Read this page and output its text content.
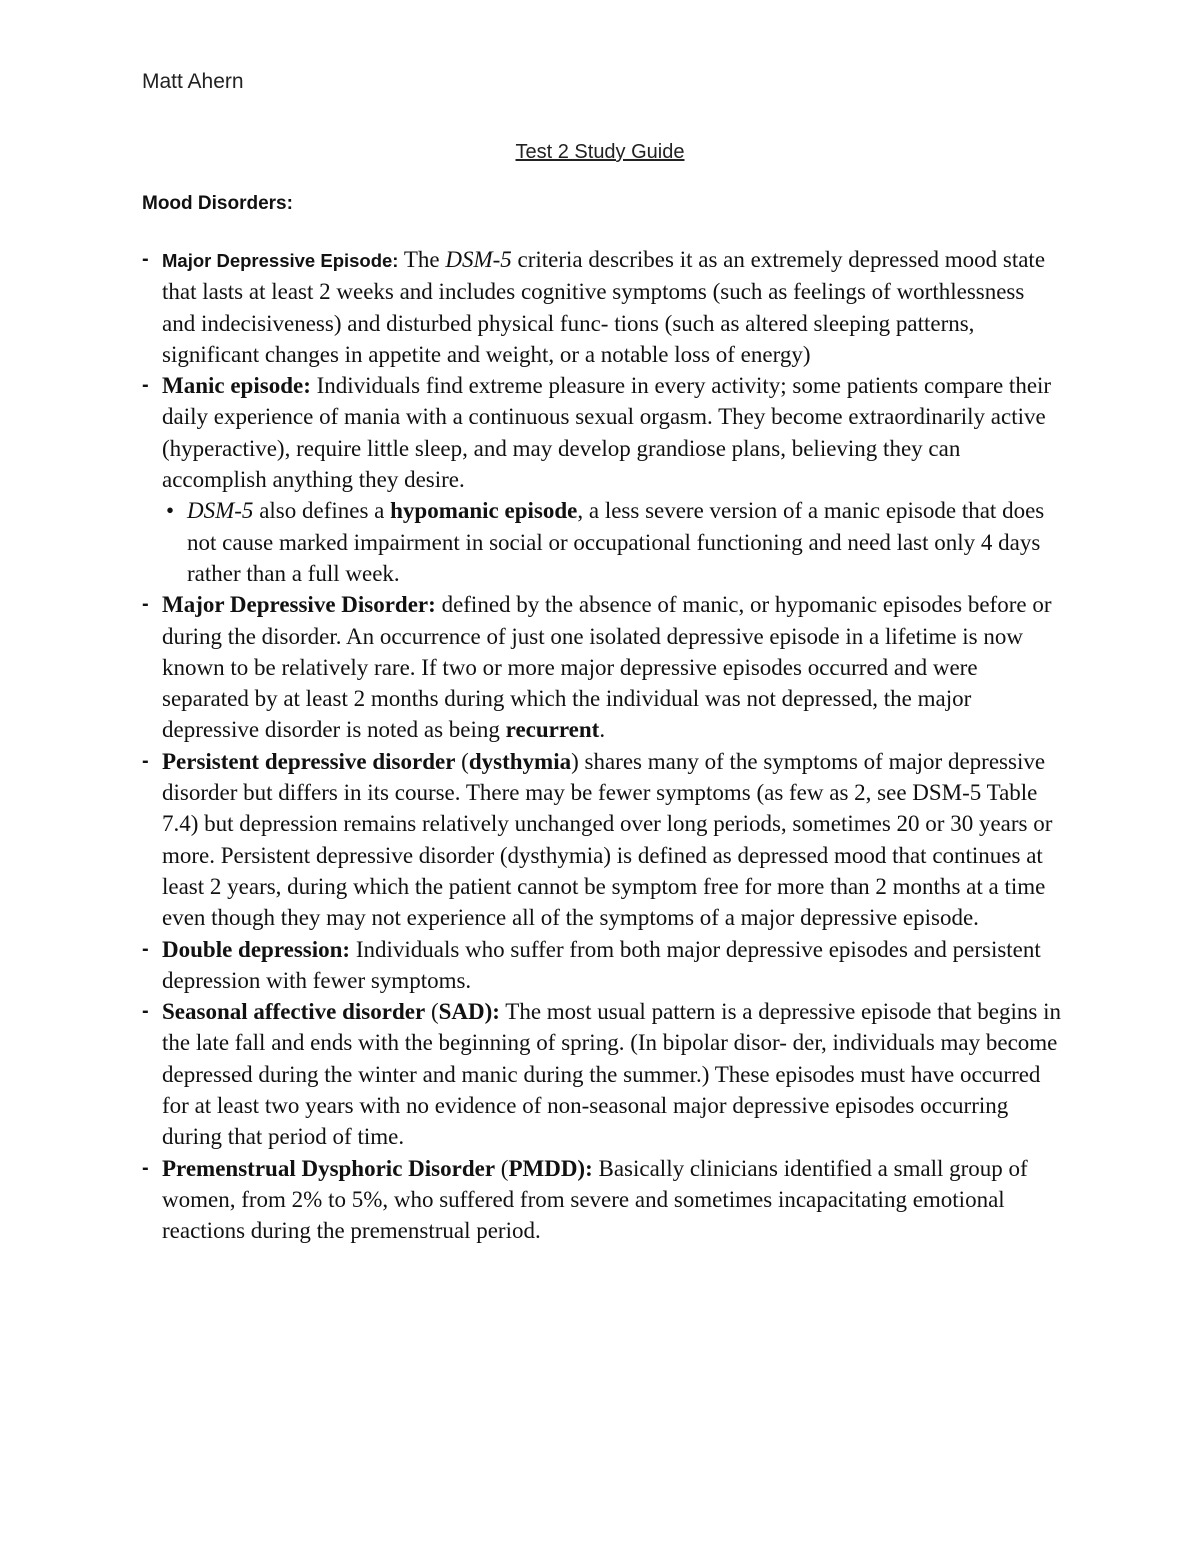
Matt Ahern
Test 2 Study Guide
Mood Disorders:
- Major Depressive Episode: The DSM-5 criteria describes it as an extremely depressed mood state that lasts at least 2 weeks and includes cognitive symptoms (such as feelings of worthlessness and indecisiveness) and disturbed physical func- tions (such as altered sleeping patterns, significant changes in appetite and weight, or a notable loss of energy)
- Manic episode: Individuals find extreme pleasure in every activity; some patients compare their daily experience of mania with a continuous sexual orgasm. They become extraordinarily active (hyperactive), require little sleep, and may develop grandiose plans, believing they can accomplish anything they desire.
• DSM-5 also defines a hypomanic episode, a less severe version of a manic episode that does not cause marked impairment in social or occupational functioning and need last only 4 days rather than a full week.
- Major Depressive Disorder: defined by the absence of manic, or hypomanic episodes before or during the disorder. An occurrence of just one isolated depressive episode in a lifetime is now known to be relatively rare. If two or more major depressive episodes occurred and were separated by at least 2 months during which the individual was not depressed, the major depressive disorder is noted as being recurrent.
- Persistent depressive disorder (dysthymia) shares many of the symptoms of major depressive disorder but differs in its course. There may be fewer symptoms (as few as 2, see DSM-5 Table 7.4) but depression remains relatively unchanged over long periods, sometimes 20 or 30 years or more. Persistent depressive disorder (dysthymia) is defined as depressed mood that continues at least 2 years, during which the patient cannot be symptom free for more than 2 months at a time even though they may not experience all of the symptoms of a major depressive episode.
- Double depression: Individuals who suffer from both major depressive episodes and persistent depression with fewer symptoms.
- Seasonal affective disorder (SAD): The most usual pattern is a depressive episode that begins in the late fall and ends with the beginning of spring. (In bipolar disor- der, individuals may become depressed during the winter and manic during the summer.) These episodes must have occurred for at least two years with no evidence of non-seasonal major depressive episodes occurring during that period of time.
- Premenstrual Dysphoric Disorder (PMDD): Basically clinicians identified a small group of women, from 2% to 5%, who suffered from severe and sometimes incapacitating emotional reactions during the premenstrual period.
